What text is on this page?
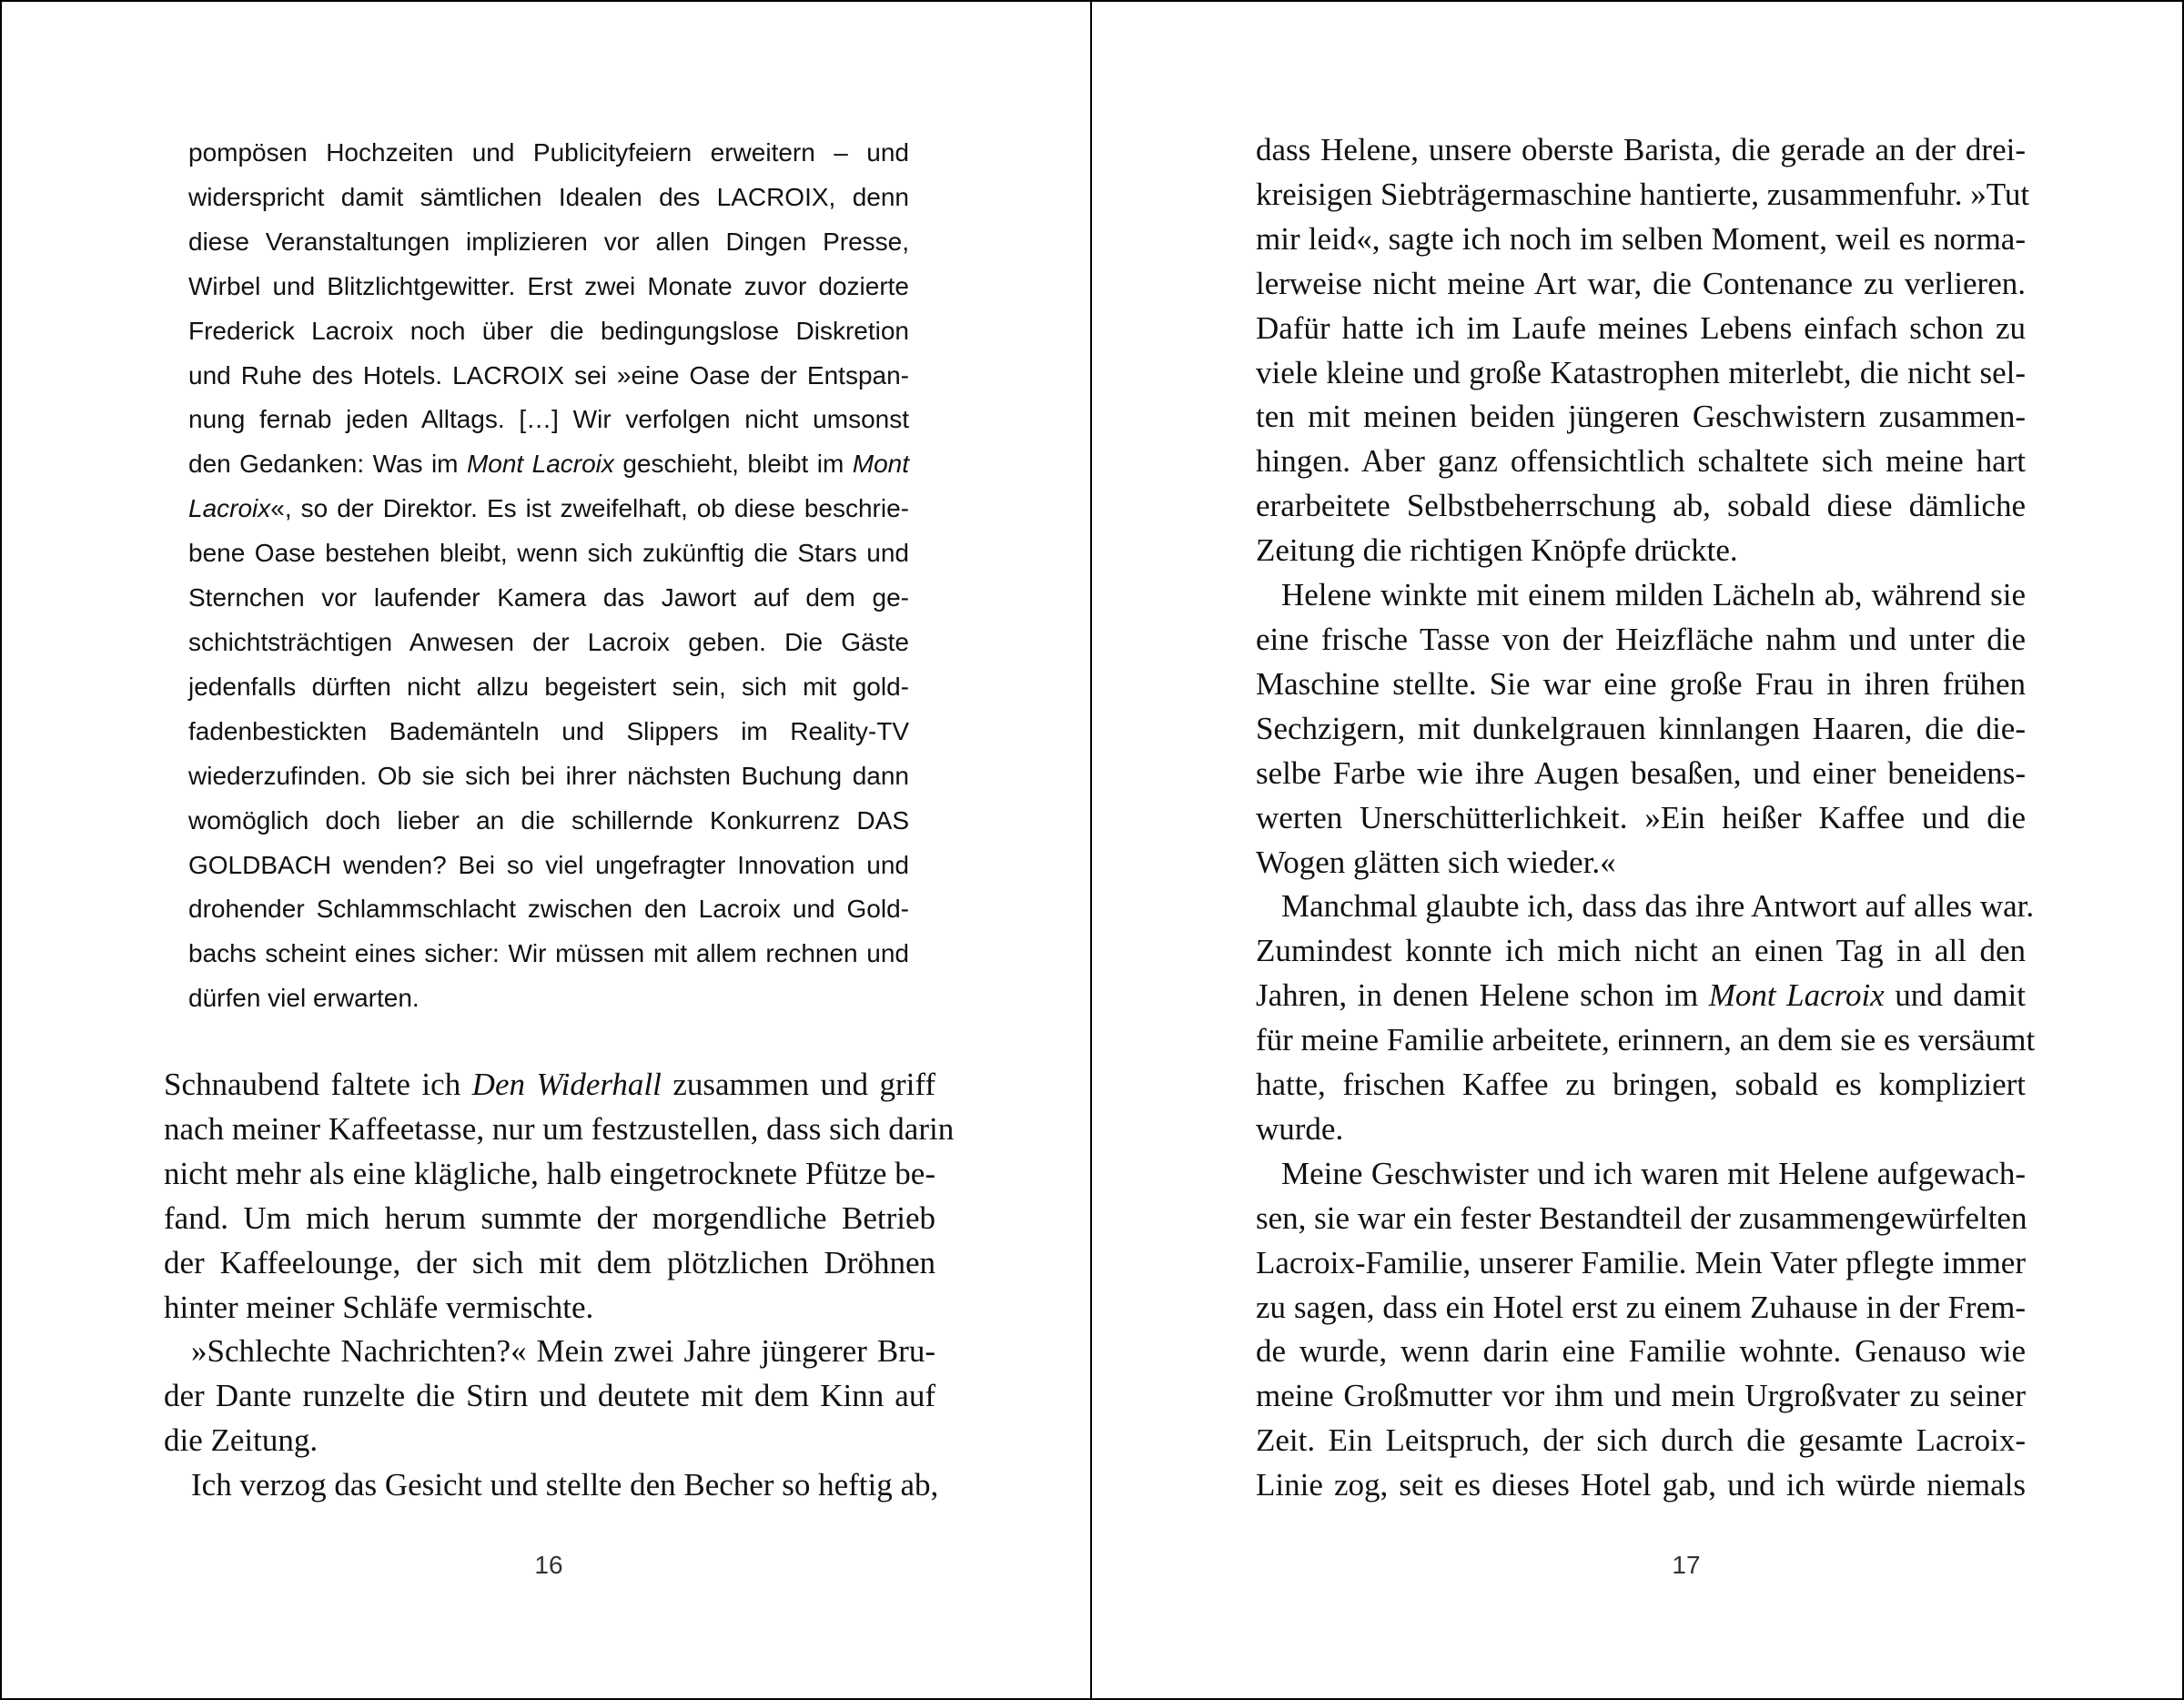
pompösen Hochzeiten und Publicityfeiern erweitern – und
widerspricht damit sämtlichen Idealen des LACROIX, denn
diese Veranstaltungen implizieren vor allen Dingen Presse,
Wirbel und Blitzlichtgewitter. Erst zwei Monate zuvor dozierte
Frederick Lacroix noch über die bedingungslose Diskretion
und Ruhe des Hotels. LACROIX sei »eine Oase der Entspan-
nung fernab jeden Alltags. […] Wir verfolgen nicht umsonst
den Gedanken: Was im Mont Lacroix geschieht, bleibt im Mont
Lacroix«, so der Direktor. Es ist zweifelhaft, ob diese beschrie-
bene Oase bestehen bleibt, wenn sich zukünftig die Stars und
Sternchen vor laufender Kamera das Jawort auf dem ge-
schichtsträchtigen Anwesen der Lacroix geben. Die Gäste
jedenfalls dürften nicht allzu begeistert sein, sich mit gold-
fadenbestickten Bademänteln und Slippers im Reality-TV
wiederzufinden. Ob sie sich bei ihrer nächsten Buchung dann
womöglich doch lieber an die schillernde Konkurrenz DAS
GOLDBACH wenden? Bei so viel ungefragter Innovation und
drohender Schlammschlacht zwischen den Lacroix und Gold-
bachs scheint eines sicher: Wir müssen mit allem rechnen und
dürfen viel erwarten.
Schnaubend faltete ich Den Widerhall zusammen und griff
nach meiner Kaffeetasse, nur um festzustellen, dass sich darin
nicht mehr als eine klägliche, halb eingetrocknete Pfütze be-
fand. Um mich herum summte der morgendliche Betrieb
der Kaffeelounge, der sich mit dem plötzlichen Dröhnen
hinter meiner Schläfe vermischte.
»Schlechte Nachrichten?« Mein zwei Jahre jüngerer Bru-
der Dante runzelte die Stirn und deutete mit dem Kinn auf
die Zeitung.
Ich verzog das Gesicht und stellte den Becher so heftig ab,
16
dass Helene, unsere oberste Barista, die gerade an der drei-
kreisigen Siebträgermaschine hantierte, zusammenfuhr. »Tut
mir leid«, sagte ich noch im selben Moment, weil es norma-
lerweise nicht meine Art war, die Contenance zu verlieren.
Dafür hatte ich im Laufe meines Lebens einfach schon zu
viele kleine und große Katastrophen miterlebt, die nicht sel-
ten mit meinen beiden jüngeren Geschwistern zusammen-
hingen. Aber ganz offensichtlich schaltete sich meine hart
erarbeitete Selbstbeherrschung ab, sobald diese dämliche
Zeitung die richtigen Knöpfe drückte.
Helene winkte mit einem milden Lächeln ab, während sie
eine frische Tasse von der Heizfläche nahm und unter die
Maschine stellte. Sie war eine große Frau in ihren frühen
Sechzigern, mit dunkelgrauen kinnlangen Haaren, die die-
selbe Farbe wie ihre Augen besaßen, und einer beneidens-
werten Unerschütterlichkeit. »Ein heißer Kaffee und die
Wogen glätten sich wieder.«
Manchmal glaubte ich, dass das ihre Antwort auf alles war.
Zumindest konnte ich mich nicht an einen Tag in all den
Jahren, in denen Helene schon im Mont Lacroix und damit
für meine Familie arbeitete, erinnern, an dem sie es versäumt
hatte, frischen Kaffee zu bringen, sobald es kompliziert
wurde.
Meine Geschwister und ich waren mit Helene aufgewach-
sen, sie war ein fester Bestandteil der zusammengewürfelten
Lacroix-Familie, unserer Familie. Mein Vater pflegte immer
zu sagen, dass ein Hotel erst zu einem Zuhause in der Frem-
de wurde, wenn darin eine Familie wohnte. Genauso wie
meine Großmutter vor ihm und mein Urgroßvater zu seiner
Zeit. Ein Leitspruch, der sich durch die gesamte Lacroix-
Linie zog, seit es dieses Hotel gab, und ich würde niemals
17
